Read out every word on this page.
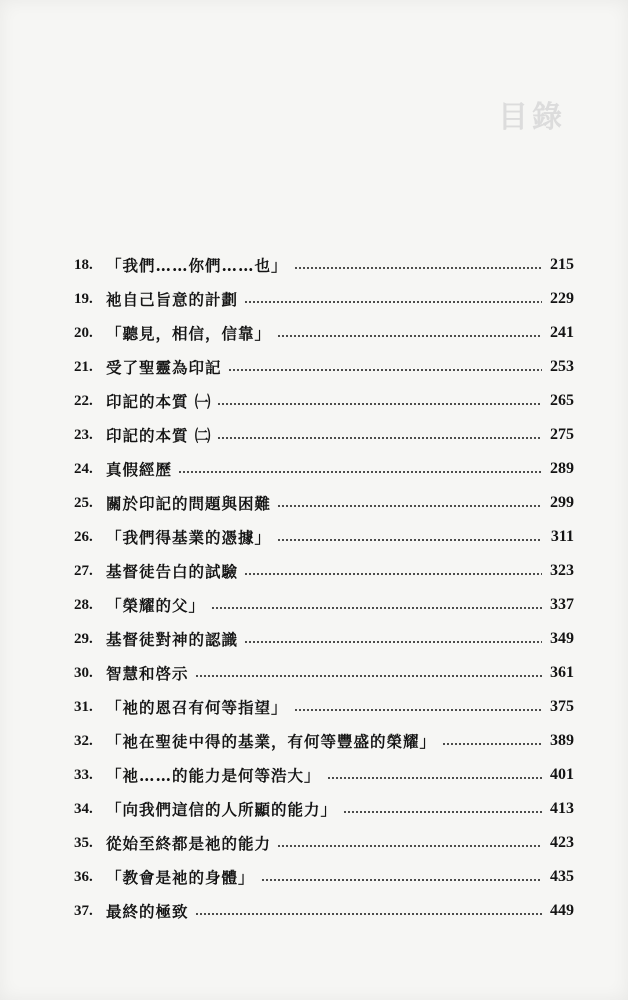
目錄
18. 「我們……你們……也」	215
19. 祂自己旨意的計劃	229
20. 「聽見，相信，信靠」	241
21. 受了聖靈為印記	253
22. 印記的本質 ㈠	265
23. 印記的本質 ㈡	275
24. 真假經歷	289
25. 關於印記的問題與困難	299
26. 「我們得基業的憑據」	311
27. 基督徒告白的試驗	323
28. 「榮耀的父」	337
29. 基督徒對神的認識	349
30. 智慧和啓示	361
31. 「祂的恩召有何等指望」	375
32. 「祂在聖徒中得的基業，有何等豐盛的榮耀」	389
33. 「祂……的能力是何等浩大」	401
34. 「向我們這信的人所顯的能力」	413
35. 從始至終都是祂的能力	423
36. 「教會是祂的身體」	435
37. 最終的極致	449
